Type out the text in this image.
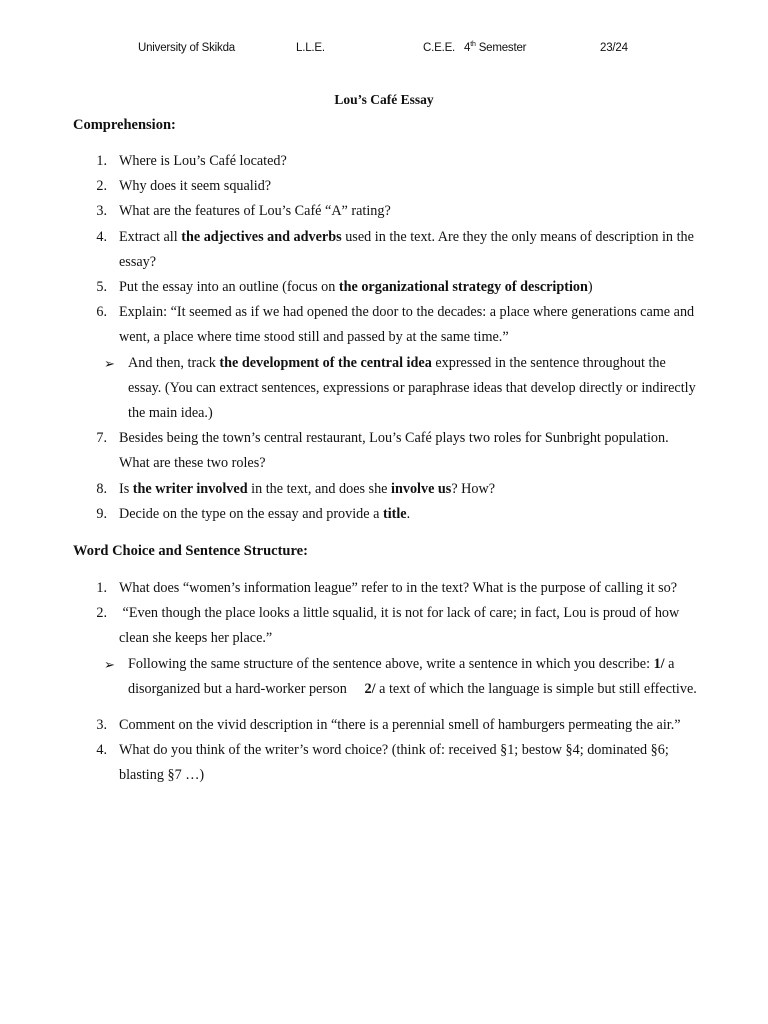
University of Skikda	L.L.E.	C.E.E. 4th Semester	23/24
Lou’s Café Essay
Comprehension:
1. Where is Lou’s Café located?
2. Why does it seem squalid?
3. What are the features of Lou’s Café “A” rating?
4. Extract all the adjectives and adverbs used in the text. Are they the only means of description in the essay?
5. Put the essay into an outline (focus on the organizational strategy of description)
6. Explain: “It seemed as if we had opened the door to the decades: a place where generations came and went, a place where time stood still and passed by at the same time.”
➢ And then, track the development of the central idea expressed in the sentence throughout the essay. (You can extract sentences, expressions or paraphrase ideas that develop directly or indirectly the main idea.)
7. Besides being the town’s central restaurant, Lou’s Café plays two roles for Sunbright population. What are these two roles?
8. Is the writer involved in the text, and does she involve us? How?
9. Decide on the type on the essay and provide a title.
Word Choice and Sentence Structure:
1. What does “women’s information league” refer to in the text? What is the purpose of calling it so?
2. “Even though the place looks a little squalid, it is not for lack of care; in fact, Lou is proud of how clean she keeps her place.”
➢ Following the same structure of the sentence above, write a sentence in which you describe: 1/ a disorganized but a hard-worker person     2/ a text of which the language is simple but still effective.
3. Comment on the vivid description in “there is a perennial smell of hamburgers permeating the air.”
4. What do you think of the writer’s word choice? (think of: received §1; bestow §4; dominated §6; blasting §7 …)
